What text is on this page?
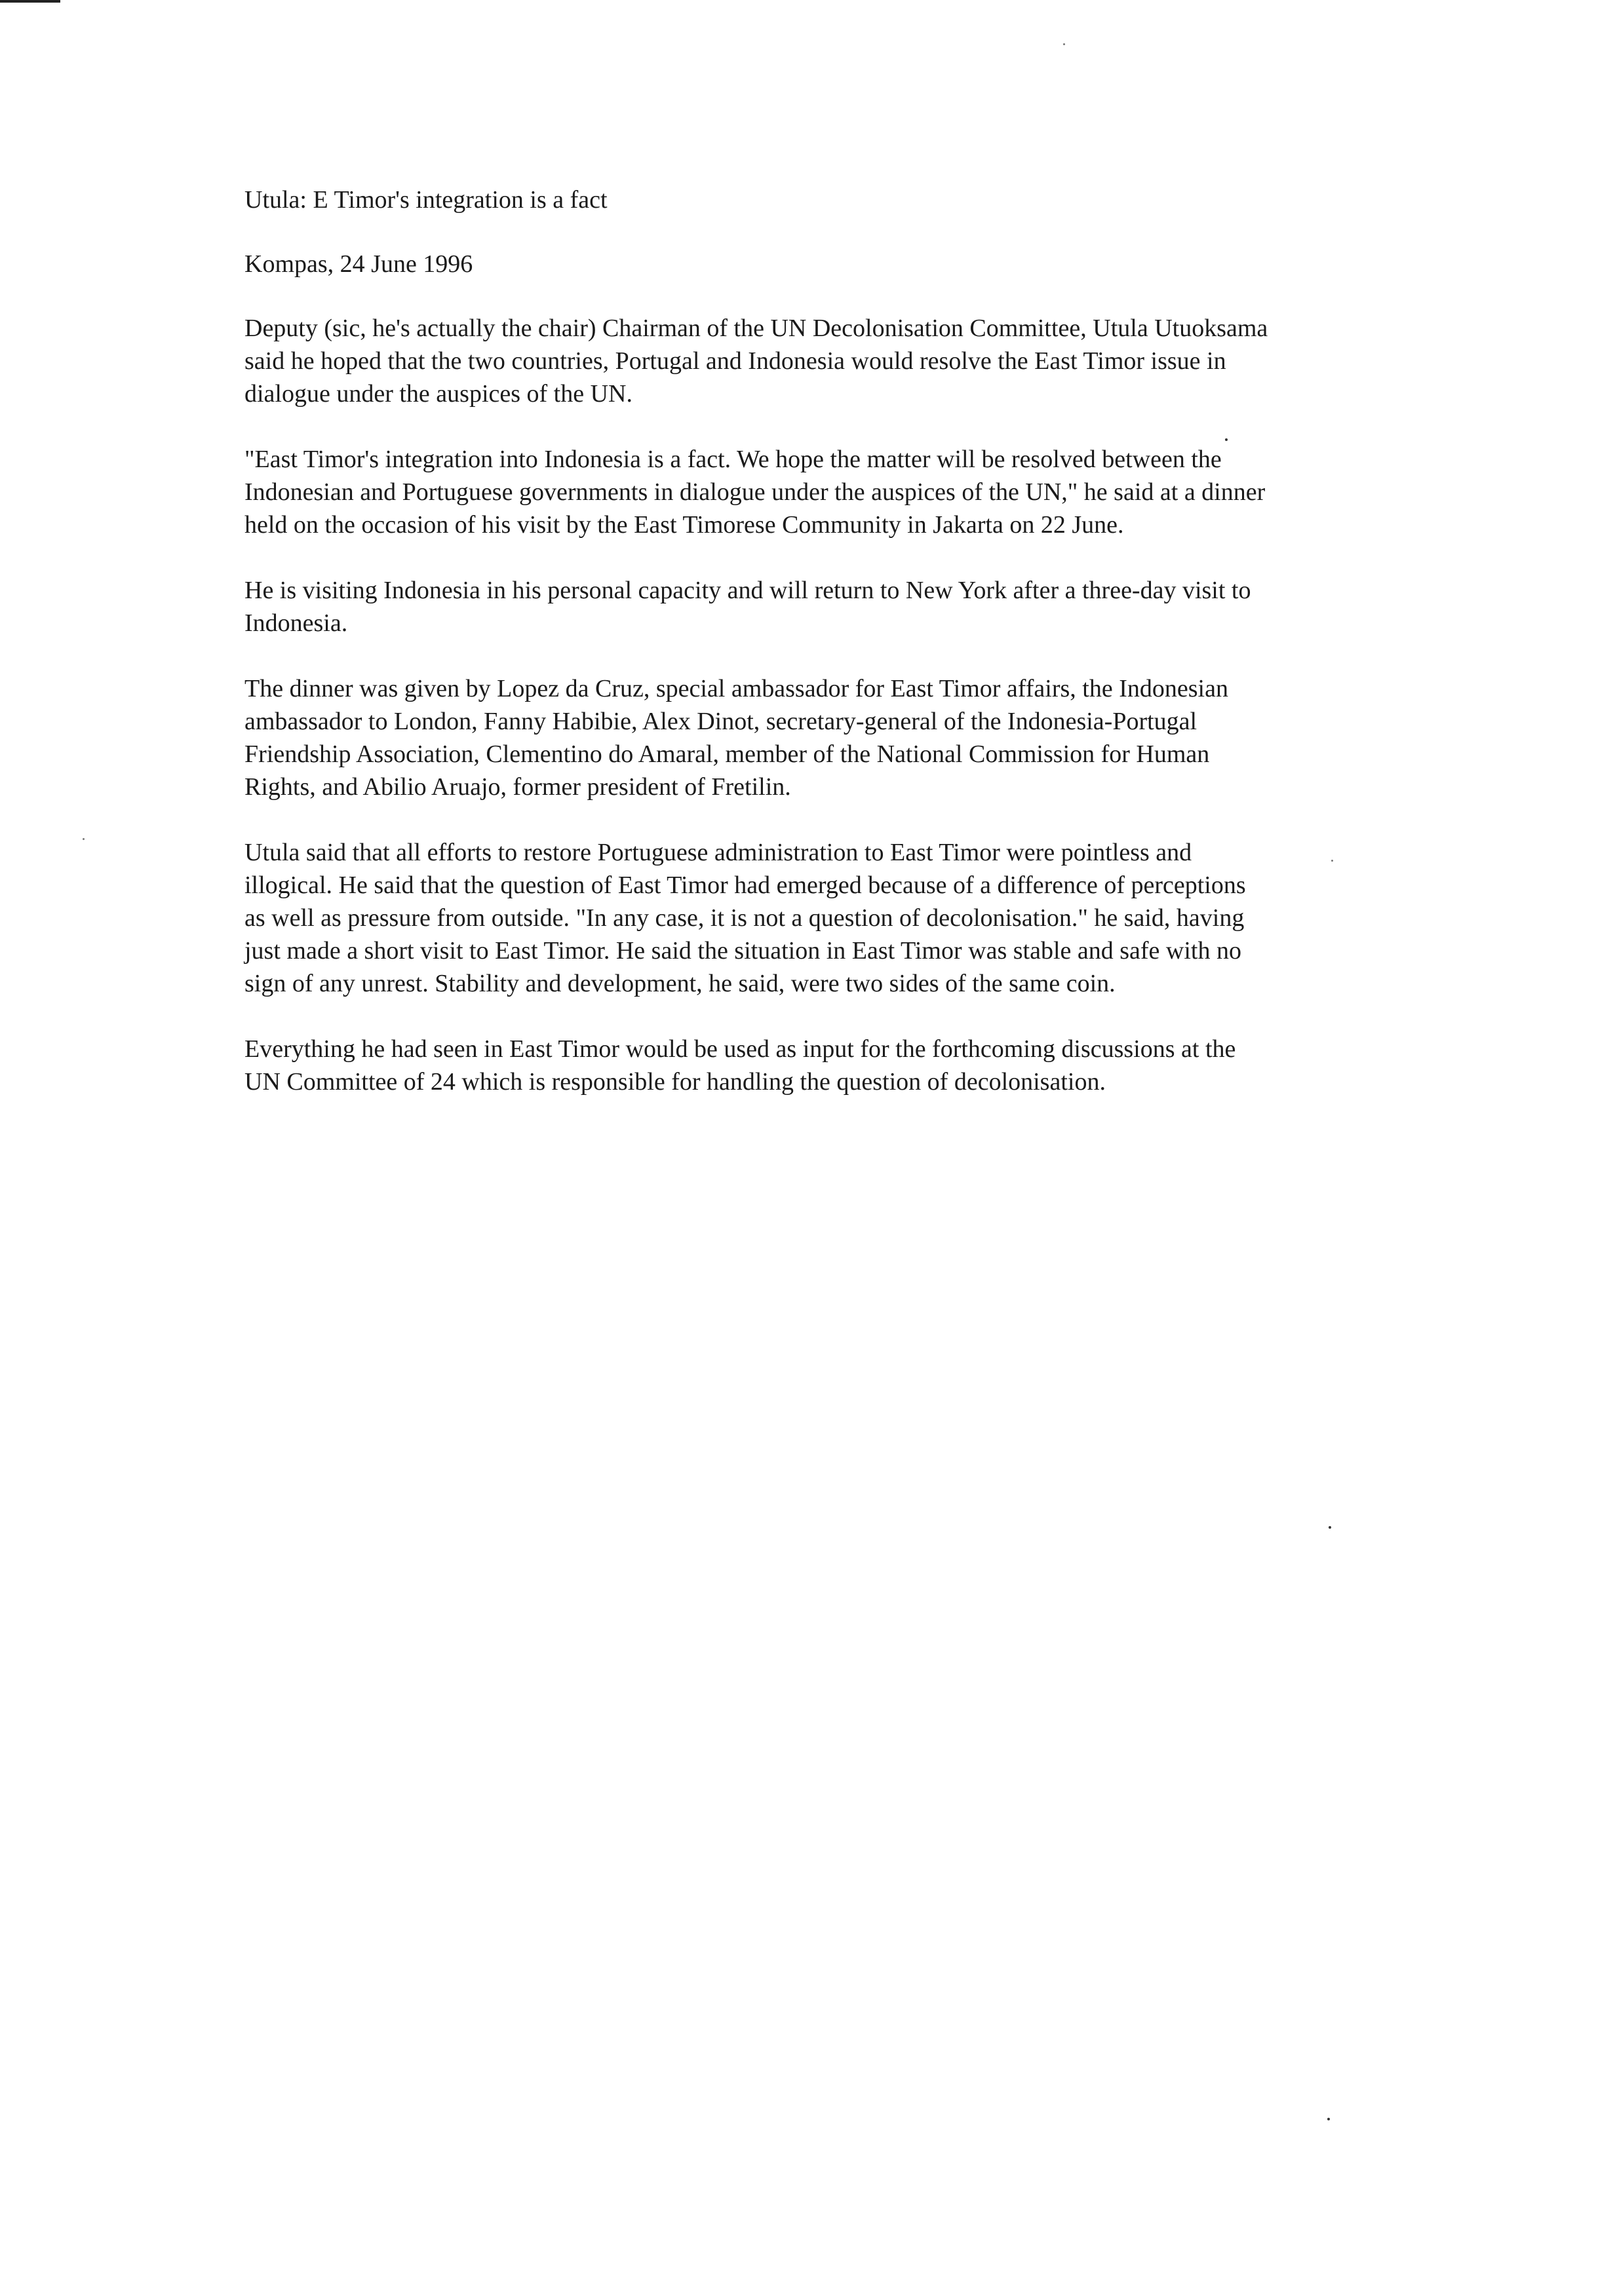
Utula: E Timor's integration is a fact

Kompas, 24 June 1996

Deputy (sic, he's actually the chair) Chairman of the UN Decolonisation Committee, Utula Utuoksama
said he hoped that the two countries, Portugal and Indonesia would resolve the East Timor issue in
dialogue under the auspices of the UN.

"East Timor's integration into Indonesia is a fact. We hope the matter will be resolved between the
Indonesian and Portuguese governments in dialogue under the auspices of the UN," he said at a dinner
held on the occasion of his visit by the East Timorese Community in Jakarta on 22 June.

He is visiting Indonesia in his personal capacity and will return to New York after a three-day visit to
Indonesia.

The dinner was given by Lopez da Cruz, special ambassador for East Timor affairs, the Indonesian
ambassador to London, Fanny Habibie, Alex Dinot, secretary-general of the Indonesia-Portugal
Friendship Association, Clementino do Amaral, member of the National Commission for Human
Rights, and Abilio Aruajo, former president of Fretilin.

Utula said that all efforts to restore Portuguese administration to East Timor were pointless and
illogical. He said that the question of East Timor had emerged because of a difference of perceptions
as well as pressure from outside. "In any case, it is not a question of decolonisation." he said, having
just made a short visit to East Timor. He said the situation in East Timor was stable and safe with no
sign of any unrest. Stability and development, he said, were two sides of the same coin.

Everything he had seen in East Timor would be used as input for the forthcoming discussions at the
UN Committee of 24 which is responsible for handling the question of decolonisation.
